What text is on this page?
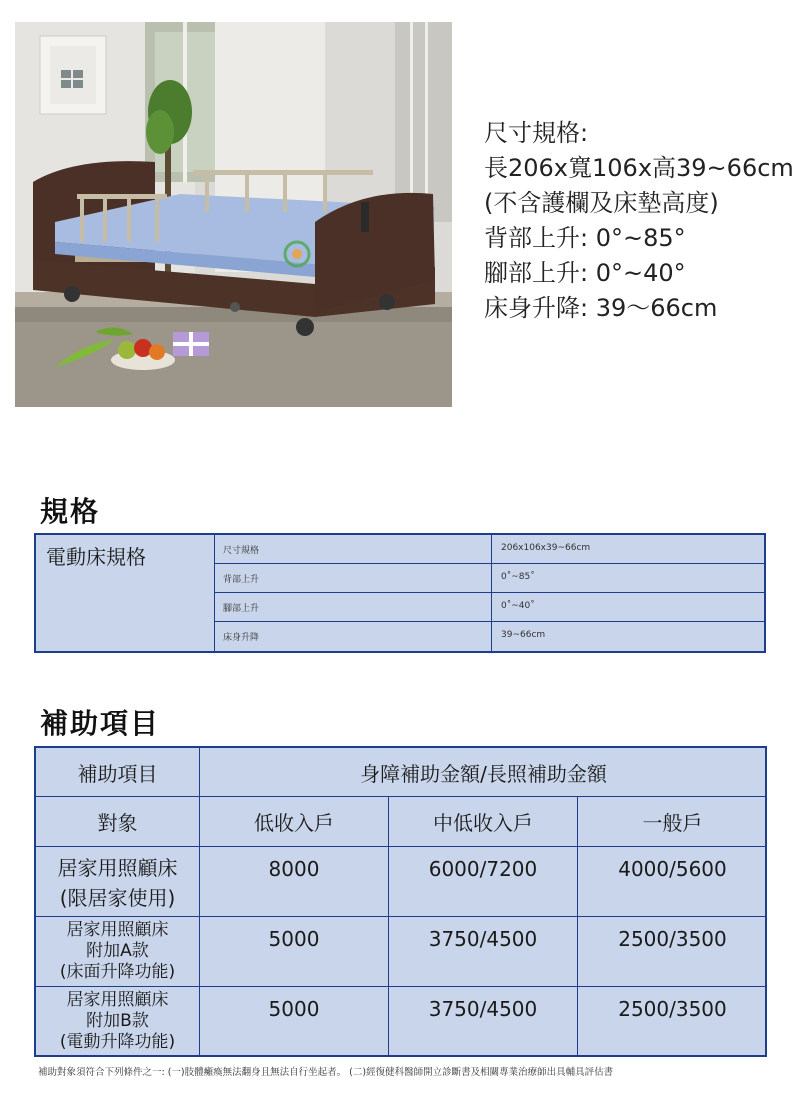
尺寸規格:
長206x寬106x高39~66cm
(不含護欄及床墊高度)
背部上升: 0°~85°
腳部上升: 0°~40°
床身升降: 39～66cm
規格
電動床規格	尺寸規格	206x106x39~66cm
背部上升	0˚~85˚
腳部上升	0˚~40˚
床身升降	39~66cm
補助項目
補助項目	身障補助金額/長照補助金額
對象	低收入戶	中低收入戶	一般戶
居家用照顧床
(限居家使用)
8000	6000/7200	4000/5600
居家用照顧床
附加A款
(床面升降功能)
5000	3750/4500	2500/3500
居家用照顧床
附加B款
(電動升降功能)
5000	3750/4500	2500/3500
補助對象須符合下列條件之一: (一)肢體癱瘓無法翻身且無法自行坐起者。 (二)經復健科醫師開立診斷書及相關專業治療師出具輔具評估書
